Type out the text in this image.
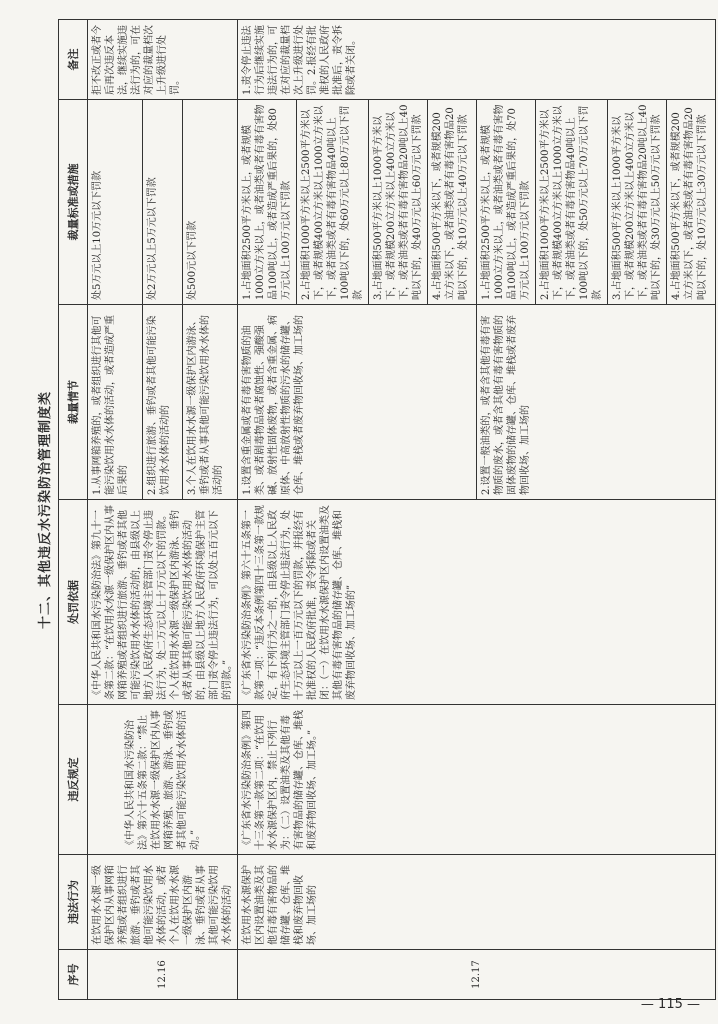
十二、其他违反水污染防治管理制度类
序号	违法行为	违反规定	处罚依据	裁量情节	裁量标准或措施	备注
12.16	在饮用水水源一级保护区内从事网箱养殖或者组织进行旅游、垂钓或者其他可能污染饮用水水体的活动，或者个人在饮用水水源一级保护区内游泳、垂钓或者从事其他可能污染饮用水水体的活动	《中华人民共和国水污染防治法》第六十五条第二款：“禁止在饮用水水源一级保护区内从事网箱养殖、旅游、游泳、垂钓或者其他可能污染饮用水水体的活动。”	《中华人民共和国水污染防治法》第九十一条第二款：“在饮用水水源一级保护区内从事网箱养殖或者组织进行旅游、垂钓或者其他可能污染饮用水水体的活动的，由县级以上地方人民政府生态环境主管部门责令停止违法行为，处二万元以上十万元以下的罚款。个人在饮用水水源一级保护区内游泳、垂钓或者从事其他可能污染饮用水水体的活动的，由县级以上地方人民政府环境保护主管部门责令停止违法行为，可以处五百元以下的罚款。”	1.从事网箱养殖的，或者组织进行其他可能污染饮用水水体的活动，或者造成严重后果的	处5万元以上10万元以下罚款	拒不改正或者今后再次违反本法，继续实施违法行为的，可在对应的裁量档次上升级进行处罚。
				2.组织进行旅游、垂钓或者其他可能污染饮用水水体的活动的	处2万元以上5万元以下罚款	
				3.个人在饮用水水源一级保护区内游泳、垂钓或者从事其他可能污染饮用水水体的活动的	处500元以下罚款	
12.17	在饮用水水源保护区内设置油类及其他有毒有害物品的储存罐、仓库、堆栈和废弃物回收场、加工场的	《广东省水污染防治条例》第四十三条第一款第二项：“在饮用水水源保护区内，禁止下列行为：（二）设置油类及其他有毒有害物品的储存罐、仓库、堆栈和废弃物回收场、加工场。”	《广东省水污染防治条例》第六十五条第一款第一项：“违反本条例第四十三条第一款规定，有下列行为之一的，由县级以上人民政府生态环境主管部门责令停止违法行为，处十万元以上一百万元以下的罚款，并报经有批准权的人民政府批准，责令拆除或者关闭：（一）在饮用水水源保护区内设置油类及其他有毒有害物品的储存罐、仓库、堆栈和废弃物回收场、加工场的”	1.设置含重金属或者有毒有害物质的油类、或者剧毒物品或者腐蚀性、强酸强碱、放射性固体废物，或者含重金属、病原体、中高放射性物质的污水的储存罐、仓库、堆栈或者废弃物回收场、加工场的	1.占地面积2500平方米以上，或者规模1000立方米以上，或者油类或者有毒有害物品100吨以上，或者造成严重后果的，处80万元以上100万元以下罚款 2.占地面积1000平方米以上2500平方米以下，或者规模400立方米以上1000立方米以下，或者油类或者有毒有害物品40吨以上100吨以下的，处60万元以上80万元以下罚款 3.占地面积500平方米以上1000平方米以下，或者规模200立方米以上400立方米以下，或者油类或者有毒有害物品20吨以上40吨以下的，处40万元以上60万元以下罚款 4.占地面积500平方米以下，或者规模200立方米以下，或者油类或者有毒有害物品20吨以下的，处10万元以上40万元以下罚款	1.责令停止违法行为后继续实施违法行为的，可在对应的裁量档次上升级进行处罚。2.报经有批准权的人民政府批准后，责令拆除或者关闭。
				2.设置一般油类的，或者含其他有毒有害物质的废水，或者含其他有毒有害物质的固体废物的储存罐、仓库、堆栈或者废弃物回收场、加工场的	1.占地面积2500平方米以上，或者规模1000立方米以上，或者油类或者有毒有害物品100吨以上，或者造成严重后果的，处70万元以上100万元以下罚款 2.占地面积1000平方米以上2500平方米以下，或者规模400立方米以上1000立方米以下，或者油类或者有毒有害物品40吨以上100吨以下的，处50万元以上70万元以下罚款 3.占地面积500平方米以上1000平方米以下，或者规模200立方米以上400立方米以下，或者油类或者有毒有害物品20吨以上40吨以下的，处30万元以上50万元以下罚款 4.占地面积500平方米以下，或者规模200立方米以下，或者油类或者有毒有害物品20吨以下的，处10万元以上30万元以下罚款	
— 115 —
